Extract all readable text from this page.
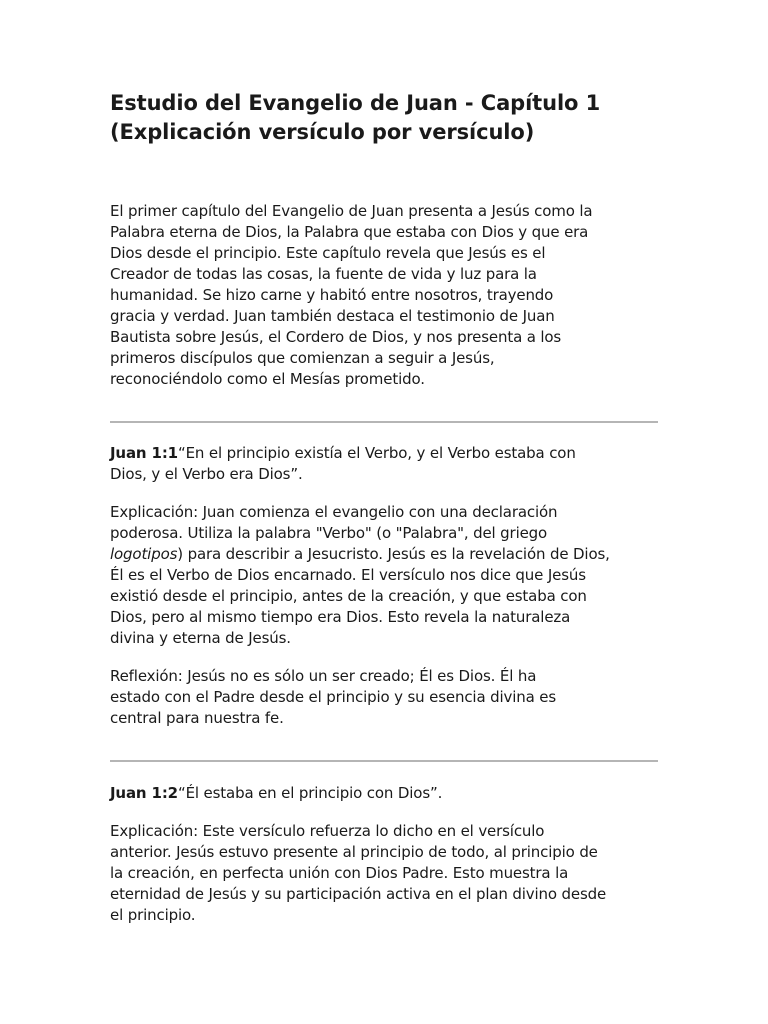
Estudio del Evangelio de Juan - Capítulo 1
(Explicación versículo por versículo)
El primer capítulo del Evangelio de Juan presenta a Jesús como la
Palabra eterna de Dios, la Palabra que estaba con Dios y que era
Dios desde el principio. Este capítulo revela que Jesús es el
Creador de todas las cosas, la fuente de vida y luz para la
humanidad. Se hizo carne y habitó entre nosotros, trayendo
gracia y verdad. Juan también destaca el testimonio de Juan
Bautista sobre Jesús, el Cordero de Dios, y nos presenta a los
primeros discípulos que comienzan a seguir a Jesús,
reconociéndolo como el Mesías prometido.
Juan 1:1“En el principio existía el Verbo, y el Verbo estaba con
Dios, y el Verbo era Dios”.
Explicación: Juan comienza el evangelio con una declaración
poderosa. Utiliza la palabra "Verbo" (o "Palabra", del griego
logotipos) para describir a Jesucristo. Jesús es la revelación de Dios,
Él es el Verbo de Dios encarnado. El versículo nos dice que Jesús
existió desde el principio, antes de la creación, y que estaba con
Dios, pero al mismo tiempo era Dios. Esto revela la naturaleza
divina y eterna de Jesús.
Reflexión: Jesús no es sólo un ser creado; Él es Dios. Él ha
estado con el Padre desde el principio y su esencia divina es
central para nuestra fe.
Juan 1:2“Él estaba en el principio con Dios”.
Explicación: Este versículo refuerza lo dicho en el versículo
anterior. Jesús estuvo presente al principio de todo, al principio de
la creación, en perfecta unión con Dios Padre. Esto muestra la
eternidad de Jesús y su participación activa en el plan divino desde
el principio.
